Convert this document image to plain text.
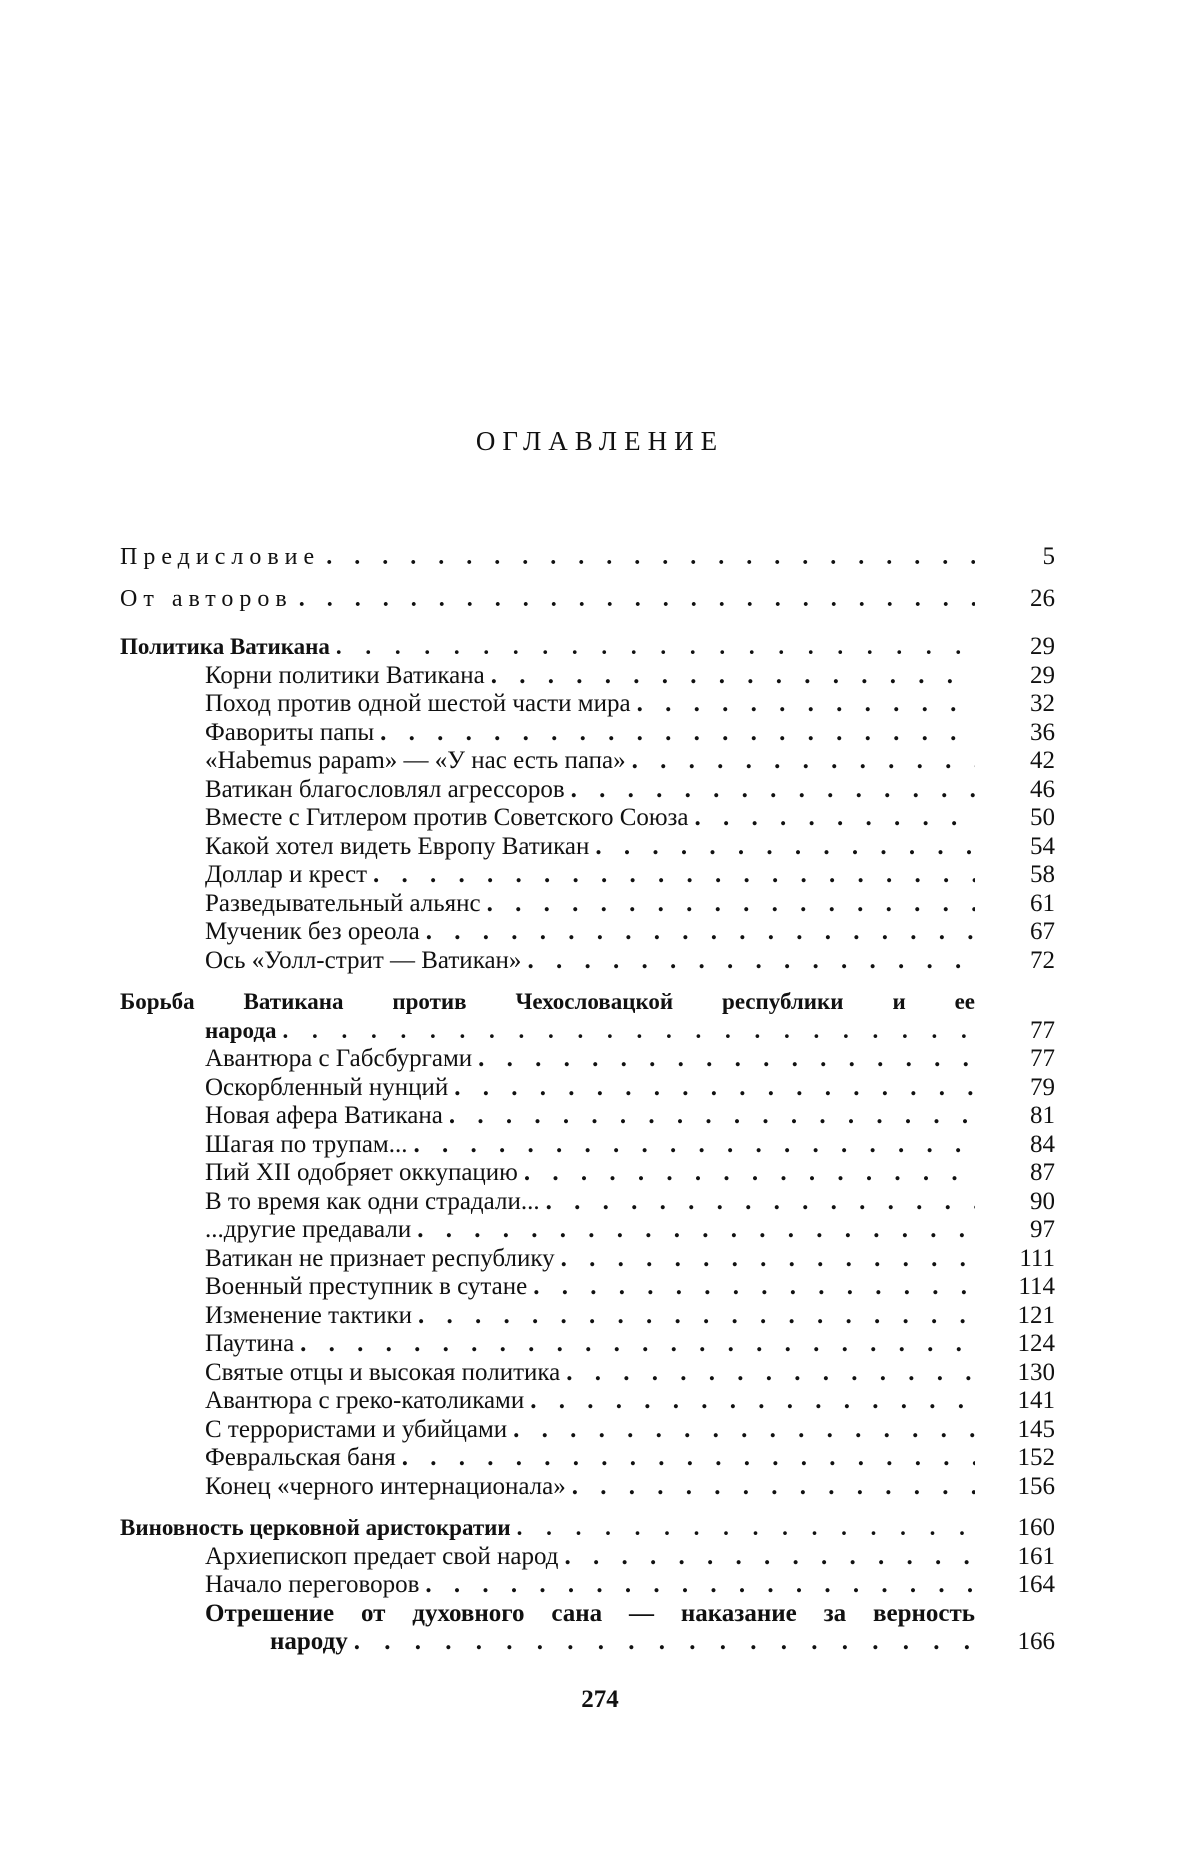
ОГЛАВЛЕНИЕ
Предисловие . . .	5
От авторов . . .	26
Политика Ватикана . . .	29
Корни политики Ватикана . . .	29
Поход против одной шестой части мира . . .	32
Фавориты папы . . .	36
«Habemus papam» — «У нас есть папа» . . .	42
Ватикан благословлял агрессоров . . .	46
Вместе с Гитлером против Советского Союза . . .	50
Какой хотел видеть Европу Ватикан . . .	54
Доллар и крест . . .	58
Разведывательный альянс . . .	61
Мученик без ореола . . .	67
Ось «Уолл-стрит — Ватикан» . . .	72
Борьба Ватикана против Чехословацкой республики и ее
народа . . .	77
Авантюра с Габсбургами . . .	77
Оскорбленный нунций . . .	79
Новая афера Ватикана . . .	81
Шагая по трупам... . . .	84
Пий XII одобряет оккупацию . . .	87
В то время как одни страдали... . . .	90
...другие предавали . . .	97
Ватикан не признает республику . . .	111
Военный преступник в сутане . . .	114
Изменение тактики . . .	121
Паутина . . .	124
Святые отцы и высокая политика . . .	130
Авантюра с греко-католиками . . .	141
С террористами и убийцами . . .	145
Февральская баня . . .	152
Конец «черного интернационала» . . .	156
Виновность церковной аристократии . . .	160
Архиепископ предает свой народ . . .	161
Начало переговоров . . .	164
Отрешение от духовного сана — наказание за верность
народу . . .	166
274
